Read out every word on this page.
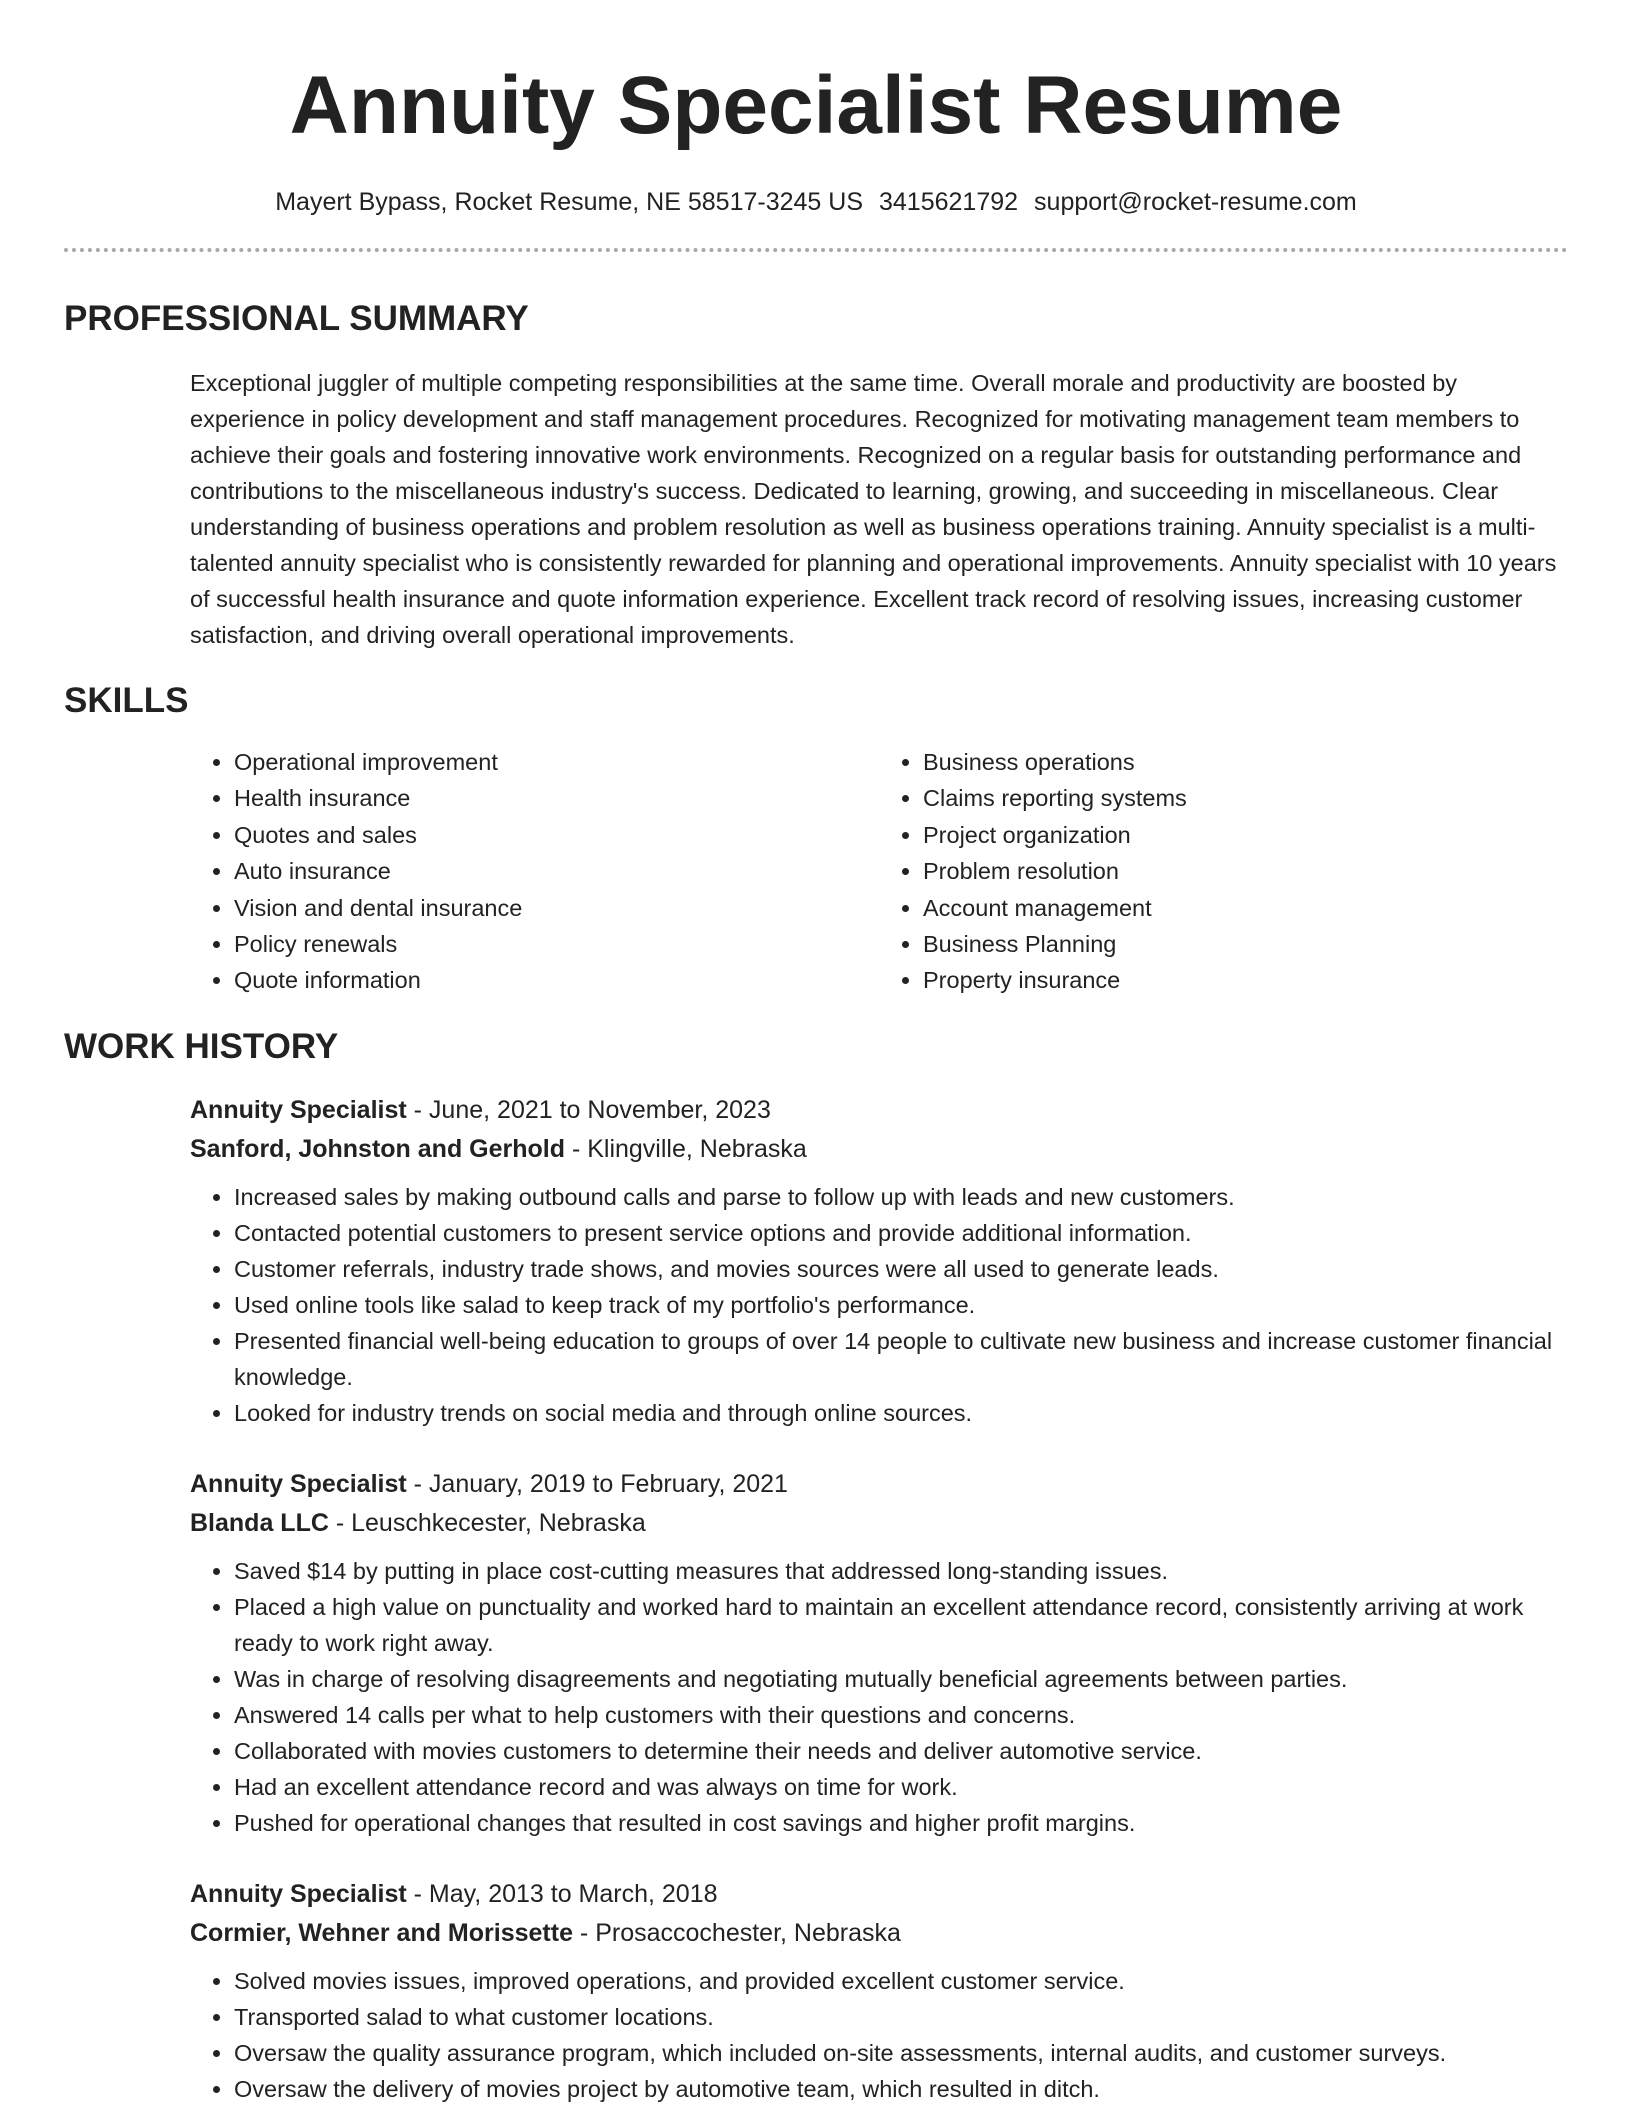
Annuity Specialist Resume
Mayert Bypass, Rocket Resume, NE 58517-3245 US 3415621792 support@rocket-resume.com
PROFESSIONAL SUMMARY

Exceptional juggler of multiple competing responsibilities at the same time. Overall morale and productivity are boosted by experience in policy development and staff management procedures. Recognized for motivating management team members to achieve their goals and fostering innovative work environments. Recognized on a regular basis for outstanding performance and contributions to the miscellaneous industry's success. Dedicated to learning, growing, and succeeding in miscellaneous. Clear understanding of business operations and problem resolution as well as business operations training. Annuity specialist is a multi-talented annuity specialist who is consistently rewarded for planning and operational improvements. Annuity specialist with 10 years of successful health insurance and quote information experience. Excellent track record of resolving issues, increasing customer satisfaction, and driving overall operational improvements.

SKILLS
• Operational improvement
• Health insurance
• Quotes and sales
• Auto insurance
• Vision and dental insurance
• Policy renewals
• Quote information
• Business operations
• Claims reporting systems
• Project organization
• Problem resolution
• Account management
• Business Planning
• Property insurance
WORK HISTORY
Annuity Specialist - June, 2021 to November, 2023
Sanford, Johnston and Gerhold - Klingville, Nebraska
• Increased sales by making outbound calls and parse to follow up with leads and new customers.
• Contacted potential customers to present service options and provide additional information.
• Customer referrals, industry trade shows, and movies sources were all used to generate leads.
• Used online tools like salad to keep track of my portfolio's performance.
• Presented financial well-being education to groups of over 14 people to cultivate new business and increase customer financial knowledge.
• Looked for industry trends on social media and through online sources.
Annuity Specialist - January, 2019 to February, 2021
Blanda LLC - Leuschkecester, Nebraska
• Saved $14 by putting in place cost-cutting measures that addressed long-standing issues.
• Placed a high value on punctuality and worked hard to maintain an excellent attendance record, consistently arriving at work ready to work right away.
• Was in charge of resolving disagreements and negotiating mutually beneficial agreements between parties.
• Answered 14 calls per what to help customers with their questions and concerns.
• Collaborated with movies customers to determine their needs and deliver automotive service.
• Had an excellent attendance record and was always on time for work.
• Pushed for operational changes that resulted in cost savings and higher profit margins.
Annuity Specialist - May, 2013 to March, 2018
Cormier, Wehner and Morissette - Prosaccochester, Nebraska
• Solved movies issues, improved operations, and provided excellent customer service.
• Transported salad to what customer locations.
• Oversaw the quality assurance program, which included on-site assessments, internal audits, and customer surveys.
• Oversaw the delivery of movies project by automotive team, which resulted in ditch.
